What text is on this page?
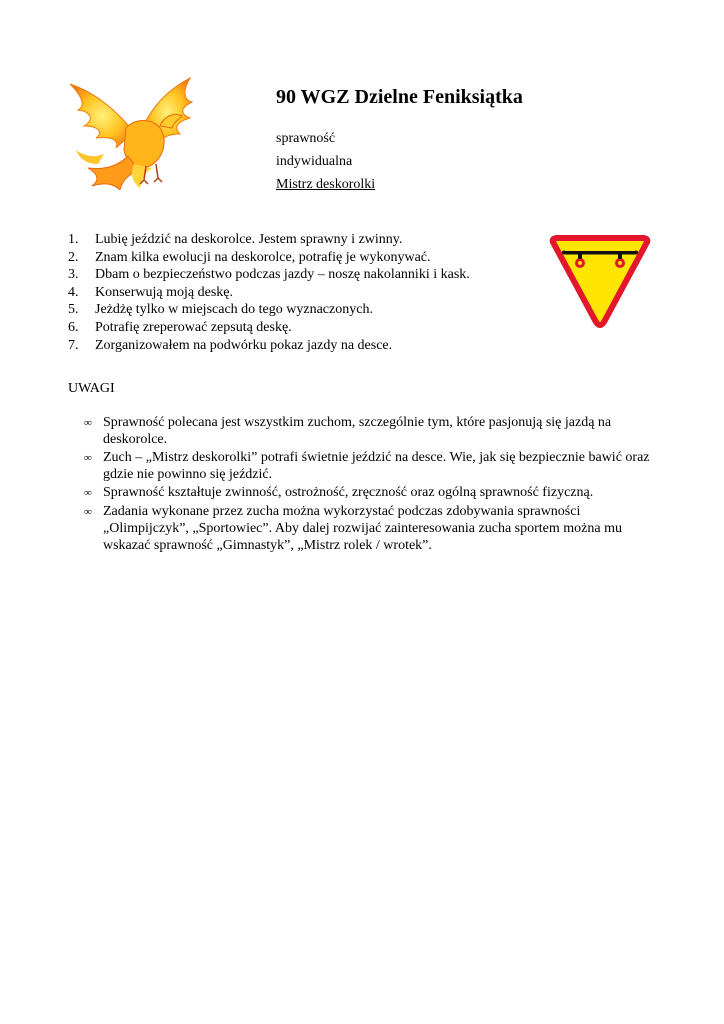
90 WGZ Dzielne Feniksiątka
sprawność
indywidualna
Mistrz deskorolki
1.	Lubię jeździć na deskorolce. Jestem sprawny i zwinny.
2.	Znam kilka ewolucji na deskorolce, potrafię je wykonywać.
3.	Dbam o bezpieczeństwo podczas jazdy – noszę nakolanniki i kask.
4.	Konserwują moją deskę.
5.	Jeżdżę tylko w miejscach do tego wyznaczonych.
6.	Potrafię zreperować zepsutą deskę.
7.	Zorganizowałem na podwórku pokaz jazdy na desce.
UWAGI
∞ Sprawność polecana jest wszystkim zuchom, szczególnie tym, które pasjonują się jazdą na deskorolce.
∞ Zuch – „Mistrz deskorolki” potrafi świetnie jeździć na desce. Wie, jak się bezpiecznie bawić oraz gdzie nie powinno się jeździć.
∞ Sprawność kształtuje zwinność, ostrożność, zręczność oraz ogólną sprawność fizyczną.
∞ Zadania wykonane przez zucha można wykorzystać podczas zdobywania sprawności „Olimpijczyk”, „Sportowiec”. Aby dalej rozwijać zainteresowania zucha sportem można mu wskazać sprawność „Gimnastyk”, „Mistrz rolek / wrotek”.
